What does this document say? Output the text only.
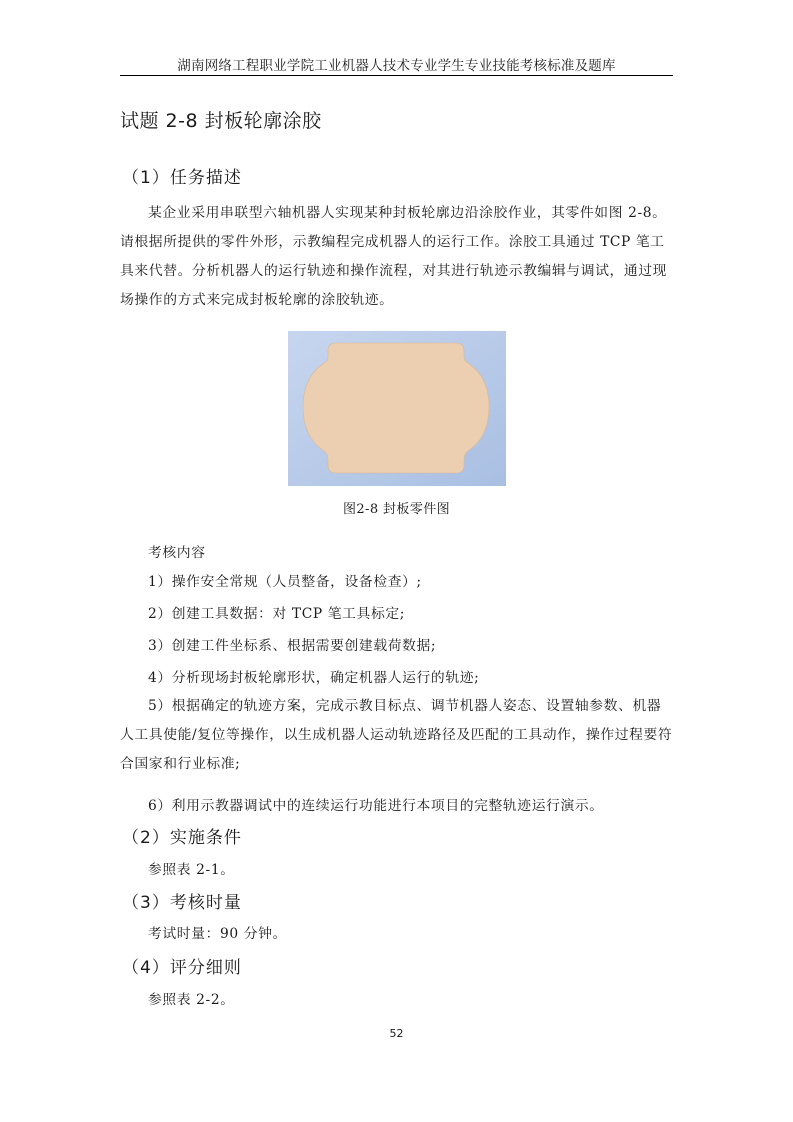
湖南网络工程职业学院工业机器人技术专业学生专业技能考核标准及题库
试题 2-8 封板轮廓涂胶
（1）任务描述

某企业采用串联型六轴机器人实现某种封板轮廓边沿涂胶作业，其零件如图 2-8。请根据所提供的零件外形，示教编程完成机器人的运行工作。涂胶工具通过 TCP 笔工具来代替。分析机器人的运行轨迹和操作流程，对其进行轨迹示教编辑与调试，通过现场操作的方式来完成封板轮廓的涂胶轨迹。

图2-8 封板零件图
考核内容
1）操作安全常规（人员整备，设备检查）;
2）创建工具数据：对 TCP 笔工具标定;
3）创建工件坐标系、根据需要创建载荷数据;
4）分析现场封板轮廓形状，确定机器人运行的轨迹;

5）根据确定的轨迹方案，完成示教目标点、调节机器人姿态、设置轴参数、机器人工具使能/复位等操作，以生成机器人运动轨迹路径及匹配的工具动作，操作过程要符合国家和行业标准;

6）利用示教器调试中的连续运行功能进行本项目的完整轨迹运行演示。
（2）实施条件
参照表 2-1。
（3）考核时量
考试时量：90 分钟。
（4）评分细则
参照表 2-2。
52
